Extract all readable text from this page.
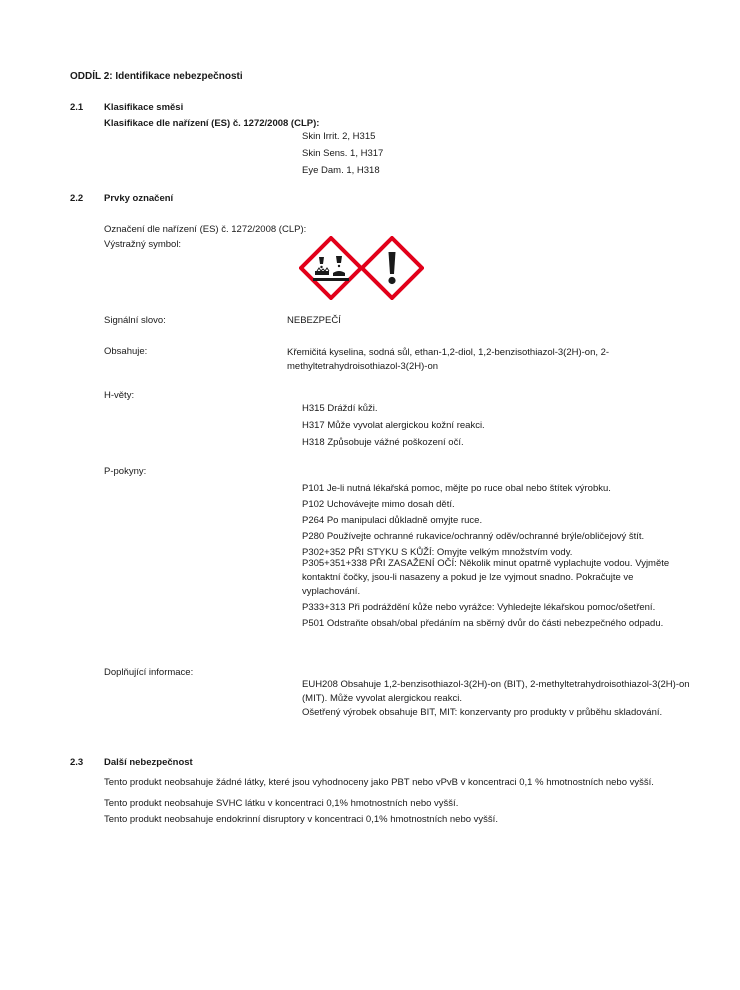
ODDÍL 2: Identifikace nebezpečnosti
2.1 Klasifikace směsi
Klasifikace dle nařízení (ES) č. 1272/2008 (CLP):
Skin Irrit. 2, H315
Skin Sens. 1, H317
Eye Dam. 1, H318
2.2 Prvky označení
Označení dle nařízení (ES) č. 1272/2008 (CLP):
Výstražný symbol:
Signální slovo:	NEBEZPEČÍ
Obsahuje:	Křemičitá kyselina, sodná sůl, ethan-1,2-diol, 1,2-benzisothiazol-3(2H)-on, 2-methyltetrahydroisothiazol-3(2H)-on
H-věty:
H315 Dráždí kůži.
H317 Může vyvolat alergickou kožní reakci.
H318 Způsobuje vážné poškození očí.
P-pokyny:
P101 Je-li nutná lékařská pomoc, mějte po ruce obal nebo štítek výrobku.
P102 Uchovávejte mimo dosah dětí.
P264 Po manipulaci důkladně omyjte ruce.
P280 Používejte ochranné rukavice/ochranný oděv/ochranné brýle/obličejový štít.
P302+352 PŘI STYKU S KŮŽÍ: Omyjte velkým množstvím vody.
P305+351+338 PŘI ZASAŽENÍ OČÍ: Několik minut opatrně vyplachujte vodou. Vyjměte kontaktní čočky, jsou-li nasazeny a pokud je lze vyjmout snadno. Pokračujte ve vyplachování.
P333+313 Při podráždění kůže nebo vyrážce: Vyhledejte lékařskou pomoc/ošetření.
P501 Odstraňte obsah/obal předáním na sběrný dvůr do části nebezpečného odpadu.
Doplňující informace:
EUH208 Obsahuje 1,2-benzisothiazol-3(2H)-on (BIT), 2-methyltetrahydroisothiazol-3(2H)-on (MIT). Může vyvolat alergickou reakci.
Ošetřený výrobek obsahuje BIT, MIT: konzervanty pro produkty v průběhu skladování.
2.3 Další nebezpečnost
Tento produkt neobsahuje žádné látky, které jsou vyhodnoceny jako PBT nebo vPvB v koncentraci 0,1 % hmotnostních nebo vyšší.
Tento produkt neobsahuje SVHC látku v koncentraci 0,1% hmotnostních nebo vyšší.
Tento produkt neobsahuje endokrinní disruptory v koncentraci 0,1% hmotnostních nebo vyšší.
